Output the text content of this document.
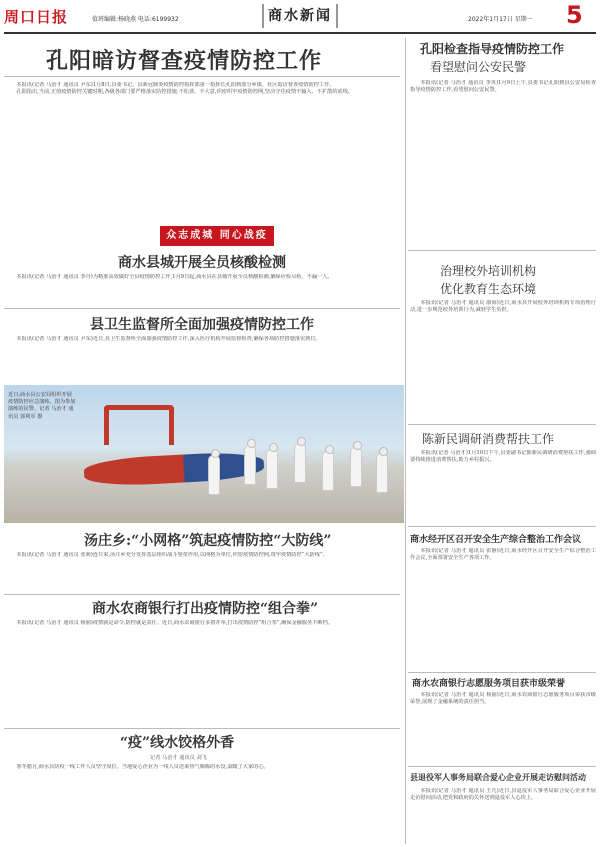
周口日报	值班编辑:杨晓燕 电话:6199932	商水新闻	2022年1月17日 星期一 5
孔阳暗访督查疫情防控工作

本报讯(记者 马治才 通讯员 尹东)1月8日,县委书记、县新冠肺炎疫情防控指挥部第一指挥长孔阳到部分乡镇、社区暗访督查疫情防控工作。

孔阳指出,当前,正值疫情防控关键时期,各级各部门要严格落实防控措施,不松劲、不大意,织密织牢疫情防控网,坚决守住疫情不输入、不扩散的底线。

众志成城 同心战疫
商水县城开展全员核酸检测

本报讯(记者 马治才 通讯员 李丹)为精准高效做好全县疫情防控工作,1月9日起,商水县在县城开展全员核酸检测,确保应检尽检、不漏一人。

县卫生监督所全面加强疫情防控工作

本报讯(记者 马治才 通讯员 尹东)近日,县卫生监督所全面加强疫情防控工作,深入医疗机构开展监督检查,确保各项防控措施落实到位。

近日,商水县公安局组织开展疫情防控应急演练。图为参加演练的民警。记者 马治才 通讯员 郭利军 摄
汤庄乡:“小网格”筑起疫情防控“大防线”

本报讯(记者 马治才 通讯员 张萌)连日来,汤庄乡充分发挥基层组织战斗堡垒作用,以网格为单位,织密疫情防控网,筑牢疫情防控“大防线”。

商水农商银行打出疫情防控“组合拳”

本报讯(记者 马治才 通讯员 杨丽)疫情就是命令,防控就是责任。近日,商水农商银行多措并举,打出疫情防控“组合拳”,确保金融服务不断档。

“疫”线水饺格外香
记者 马治才 通讯员 刘飞

寒冬腊月,商水县防疫一线工作人员坚守岗位。当地爱心企业为一线人员送来热气腾腾的水饺,温暖了大家的心。

孔阳检查指导疫情防控工作
看望慰问公安民警

本报讯(记者 马治才 通讯员 李英)1月9日上午,县委书记孔阳到县公安局检查指导疫情防控工作,看望慰问公安民警。

治理校外培训机构
优化教育生态环境

本报讯(记者 马治才 通讯员 康海)近日,商水县开展校外培训机构专项治理行动,进一步规范校外培训行为,减轻学生负担。

陈新民调研消费帮扶工作

本报讯(记者 马治才)1月10日下午,县委副书记陈新民调研消费帮扶工作,强调要持续推进消费帮扶,助力乡村振兴。

商水经开区召开安全生产综合整治工作会议

本报讯(记者 马治才 通讯员 张静)近日,商水经开区召开安全生产综合整治工作会议,全面部署安全生产各项工作。

商水农商银行志愿服务项目获市级荣誉

本报讯(记者 马治才 通讯员 杨丽)近日,商水农商银行志愿服务项目荣获市级荣誉,展现了金融系统的责任担当。

县退役军人事务局联合爱心企业开展走访慰问活动

本报讯(记者 马治才 通讯员 王凡)近日,县退役军人事务局联合爱心企业开展走访慰问活动,把党和政府的关怀送到退役军人心坎上。
